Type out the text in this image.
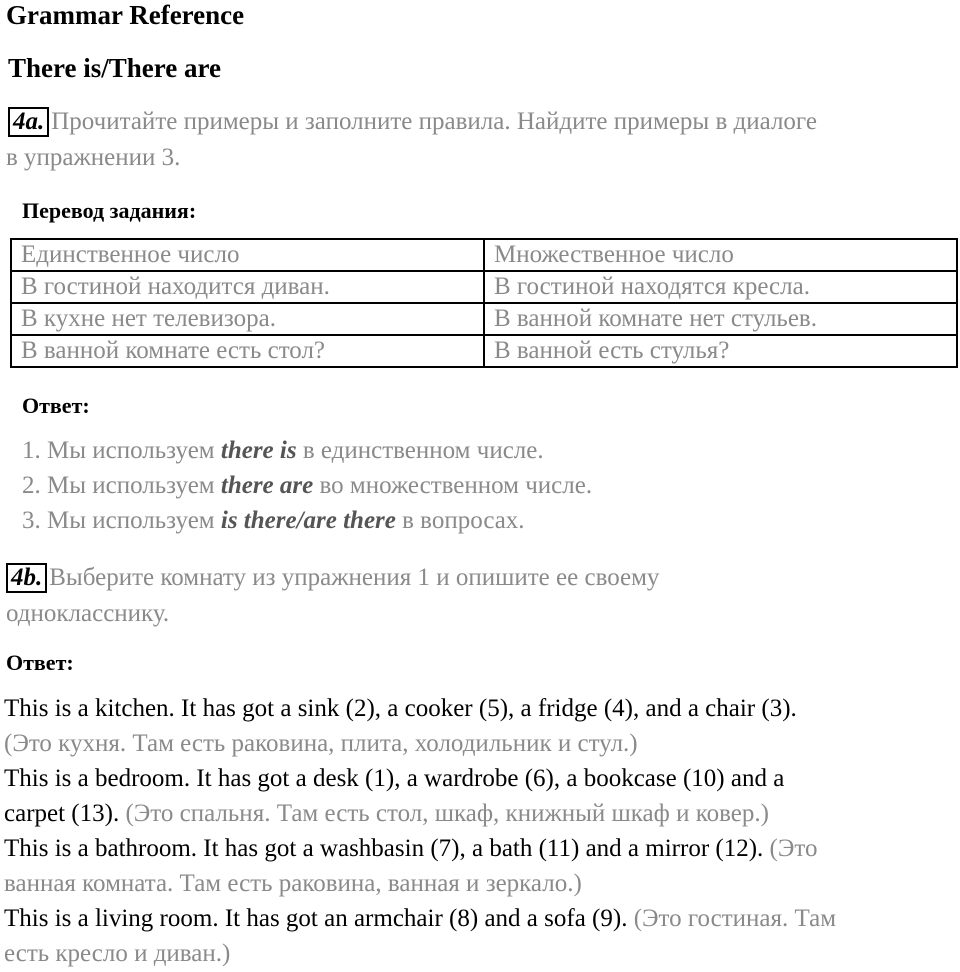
Grammar Reference
There is/There are
4a. Прочитайте примеры и заполните правила. Найдите примеры в диалоге
в упражнении 3.
Перевод задания:
Единственное число	Множественное число
В гостиной находится диван.	В гостиной находятся кресла.
В кухне нет телевизора.	В ванной комнате нет стульев.
В ванной комнате есть стол?	В ванной есть стулья?
Ответ:
1. Мы используем there is в единственном числе.
2. Мы используем there are во множественном числе.
3. Мы используем is there/are there в вопросах.
4b. Выберите комнату из упражнения 1 и опишите ее своему
однокласснику.
Ответ:
This is a kitchen. It has got a sink (2), a cooker (5), a fridge (4), and a chair (3).
(Это кухня. Там есть раковина, плита, холодильник и стул.)
This is a bedroom. It has got a desk (1), a wardrobe (6), a bookcase (10) and a
carpet (13). (Это спальня. Там есть стол, шкаф, книжный шкаф и ковер.)
This is a bathroom. It has got a washbasin (7), a bath (11) and a mirror (12). (Это
ванная комната. Там есть раковина, ванная и зеркало.)
This is a living room. It has got an armchair (8) and a sofa (9). (Это гостиная. Там
есть кресло и диван.)
